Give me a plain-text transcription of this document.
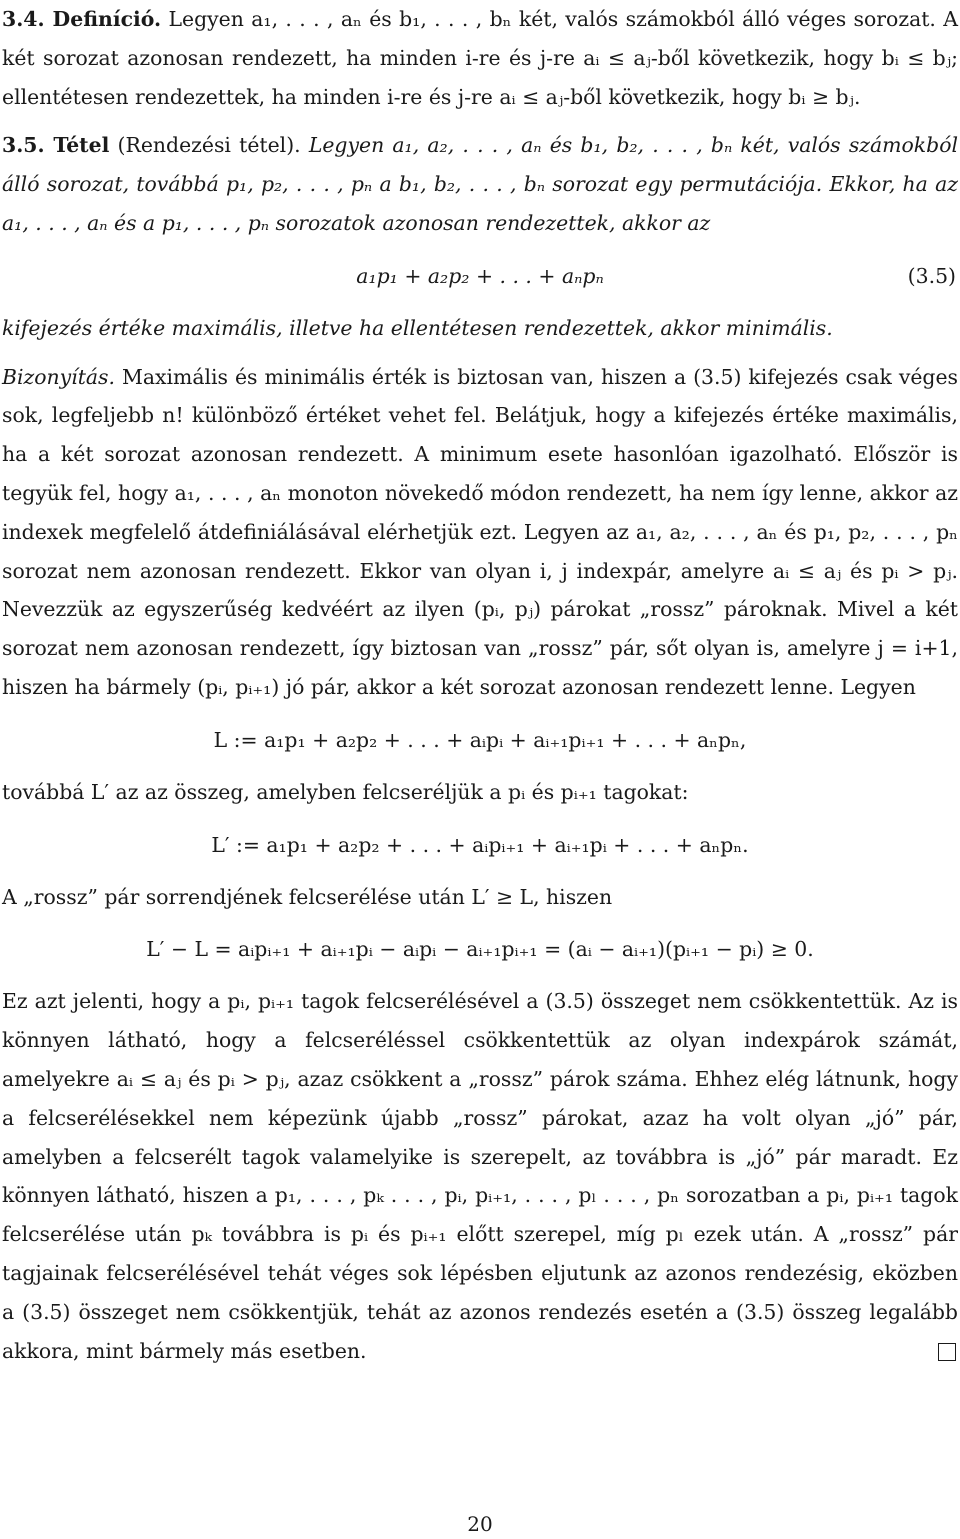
3.4. Definíció. Legyen a₁, . . . , aₙ és b₁, . . . , bₙ két, valós számokból álló véges sorozat. A két sorozat azonosan rendezett, ha minden i-re és j-re aᵢ ≤ aⱼ-ből következik, hogy bᵢ ≤ bⱼ; ellentétesen rendezettek, ha minden i-re és j-re aᵢ ≤ aⱼ-ből következik, hogy bᵢ ≥ bⱼ.

3.5. Tétel (Rendezési tétel). Legyen a₁, a₂, . . . , aₙ és b₁, b₂, . . . , bₙ két, valós számokból álló sorozat, továbbá p₁, p₂, . . . , pₙ a b₁, b₂, . . . , bₙ sorozat egy permutációja. Ekkor, ha az a₁, . . . , aₙ és a p₁, . . . , pₙ sorozatok azonosan rendezettek, akkor az

a₁p₁ + a₂p₂ + . . . + aₙpₙ	(3.5)

kifejezés értéke maximális, illetve ha ellentétesen rendezettek, akkor minimális.

Bizonyítás. Maximális és minimális érték is biztosan van, hiszen a (3.5) kifejezés csak véges sok, legfeljebb n! különböző értéket vehet fel. Belátjuk, hogy a kifejezés értéke maximális, ha a két sorozat azonosan rendezett. A minimum esete hasonlóan igazolható. Először is tegyük fel, hogy a₁, . . . , aₙ monoton növekedő módon rendezett, ha nem így lenne, akkor az indexek megfelelő átdefiniálásával elérhetjük ezt. Legyen az a₁, a₂, . . . , aₙ és p₁, p₂, . . . , pₙ sorozat nem azonosan rendezett. Ekkor van olyan i, j indexpár, amelyre aᵢ ≤ aⱼ és pᵢ > pⱼ. Nevezzük az egyszerűség kedvéért az ilyen (pᵢ, pⱼ) párokat „rossz” pároknak. Mivel a két sorozat nem azonosan rendezett, így biztosan van „rossz” pár, sőt olyan is, amelyre j = i+1, hiszen ha bármely (pᵢ, pᵢ₊₁) jó pár, akkor a két sorozat azonosan rendezett lenne. Legyen

L := a₁p₁ + a₂p₂ + . . . + aᵢpᵢ + aᵢ₊₁pᵢ₊₁ + . . . + aₙpₙ,

továbbá L′ az az összeg, amelyben felcseréljük a pᵢ és pᵢ₊₁ tagokat:

L′ := a₁p₁ + a₂p₂ + . . . + aᵢpᵢ₊₁ + aᵢ₊₁pᵢ + . . . + aₙpₙ.

A „rossz” pár sorrendjének felcserélése után L′ ≥ L, hiszen

L′ − L = aᵢpᵢ₊₁ + aᵢ₊₁pᵢ − aᵢpᵢ − aᵢ₊₁pᵢ₊₁ = (aᵢ − aᵢ₊₁)(pᵢ₊₁ − pᵢ) ≥ 0.

Ez azt jelenti, hogy a pᵢ, pᵢ₊₁ tagok felcserélésével a (3.5) összeget nem csökkentettük. Az is könnyen látható, hogy a felcseréléssel csökkentettük az olyan indexpárok számát, amelyekre aᵢ ≤ aⱼ és pᵢ > pⱼ, azaz csökkent a „rossz” párok száma. Ehhez elég látnunk, hogy a felcserélésekkel nem képezünk újabb „rossz” párokat, azaz ha volt olyan „jó” pár, amelyben a felcserélt tagok valamelyike is szerepelt, az továbbra is „jó” pár maradt. Ez könnyen látható, hiszen a p₁, . . . , pₖ . . . , pᵢ, pᵢ₊₁, . . . , pₗ . . . , pₙ sorozatban a pᵢ, pᵢ₊₁ tagok felcserélése után pₖ továbbra is pᵢ és pᵢ₊₁ előtt szerepel, míg pₗ ezek után. A „rossz” pár tagjainak felcserélésével tehát véges sok lépésben eljutunk az azonos rendezésig, eközben a (3.5) összeget nem csökkentjük, tehát az azonos rendezés esetén a (3.5) összeg legalább akkora, mint bármely más esetben.

20
